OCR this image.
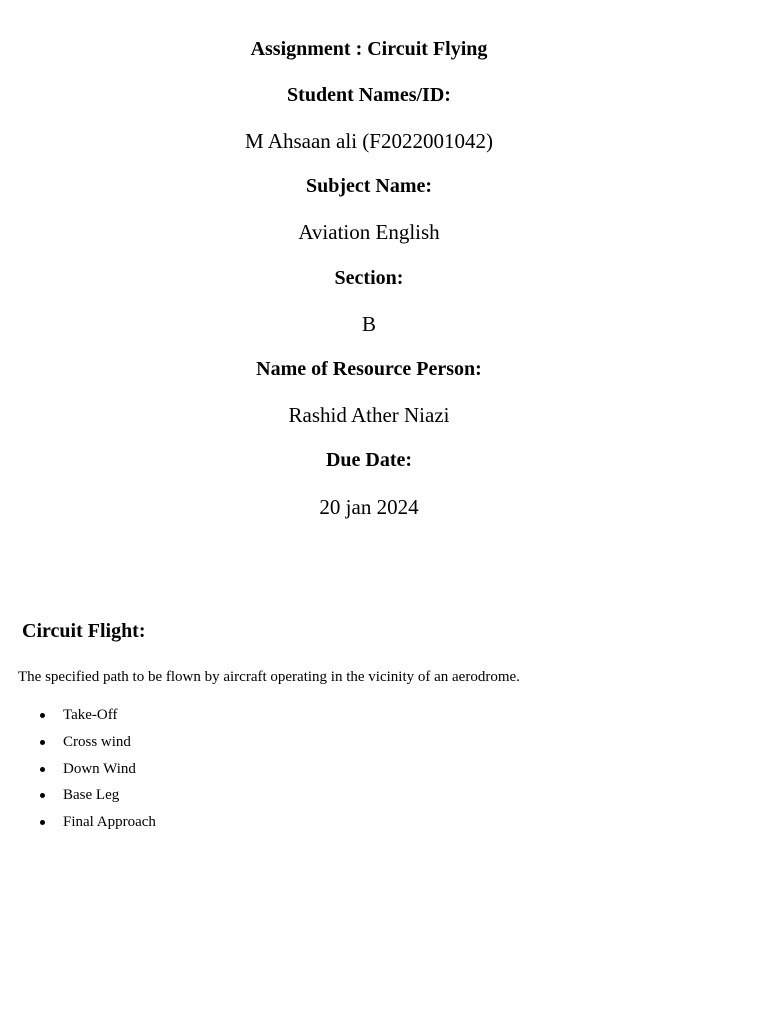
Assignment : Circuit Flying
Student Names/ID:
M Ahsaan ali (F2022001042)
Subject Name:
Aviation English
Section:
B
Name of Resource Person:
Rashid Ather Niazi
Due Date:
20 jan 2024
Circuit Flight:
The specified path to be flown by aircraft operating in the vicinity of an aerodrome.
Take-Off
Cross wind
Down Wind
Base Leg
Final Approach
